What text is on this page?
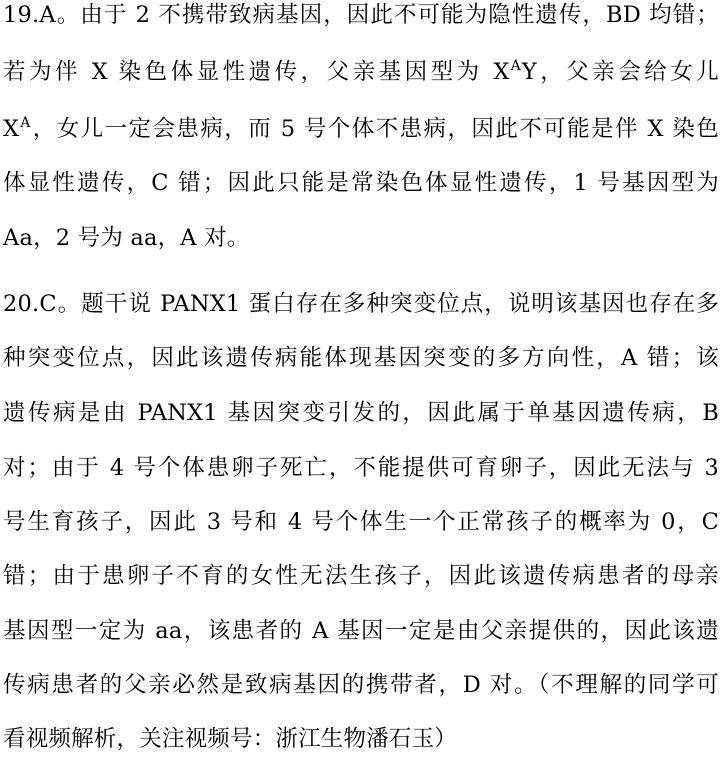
19.A。由于 2 不携带致病基因，因此不可能为隐性遗传，BD 均错；
若为伴 X 染色体显性遗传，父亲基因型为 $X^AY$，父亲会给女儿
$X^A$，女儿一定会患病，而 5 号个体不患病，因此不可能是伴 X 染色
体显性遗传，C 错；因此只能是常染色体显性遗传，1 号基因型为
Aa，2 号为 aa，A 对。
20.C。题干说 PANX1 蛋白存在多种突变位点，说明该基因也存在多
种突变位点，因此该遗传病能体现基因突变的多方向性，A 错；该
遗传病是由 PANX1 基因突变引发的，因此属于单基因遗传病，B
对；由于 4 号个体患卵子死亡，不能提供可育卵子，因此无法与 3
号生育孩子，因此 3 号和 4 号个体生一个正常孩子的概率为 0，C
错；由于患卵子不育的女性无法生孩子，因此该遗传病患者的母亲
基因型一定为 aa，该患者的 A 基因一定是由父亲提供的，因此该遗
传病患者的父亲必然是致病基因的携带者，D 对。（不理解的同学可
看视频解析，关注视频号：浙江生物潘石玉）
